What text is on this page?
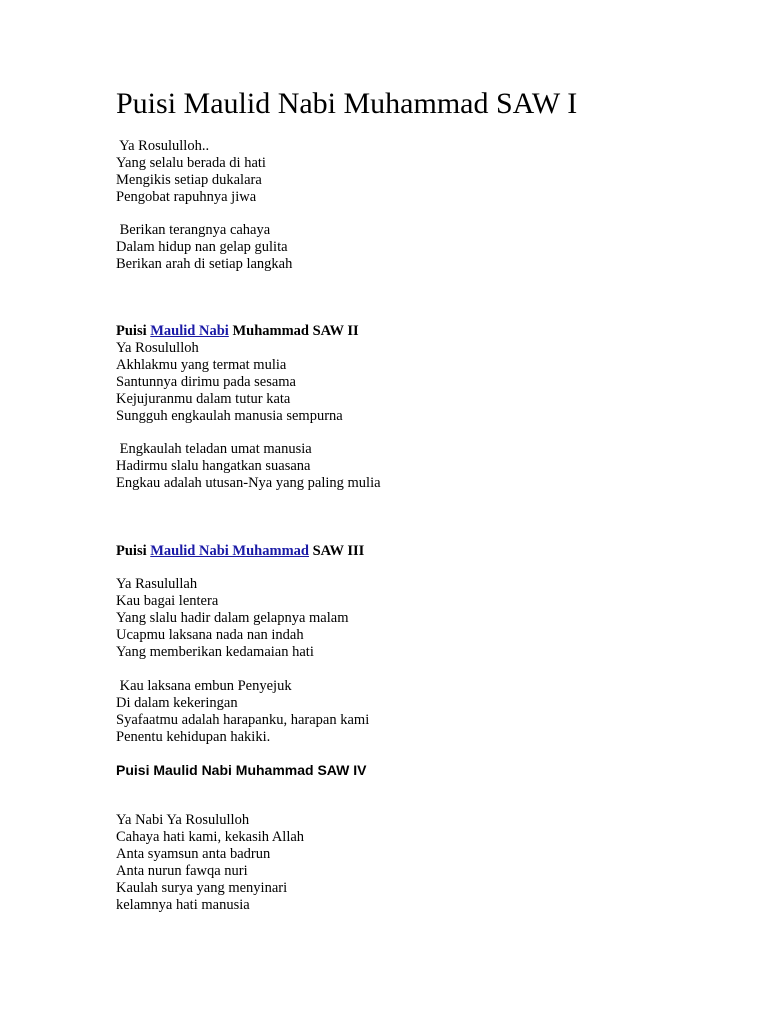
Puisi Maulid Nabi Muhammad SAW I
Ya Rosululloh..
Yang selalu berada di hati
Mengikis setiap dukalara
Pengobat rapuhnya jiwa
Berikan terangnya cahaya
Dalam hidup nan gelap gulita
Berikan arah di setiap langkah
Puisi Maulid Nabi Muhammad SAW II
Ya Rosululloh
Akhlakmu yang termat mulia
Santunnya dirimu pada sesama
Kejujuranmu dalam tutur kata
Sungguh engkaulah manusia sempurna
Engkaulah teladan umat manusia
Hadirmu slalu hangatkan suasana
Engkau adalah utusan-Nya yang paling mulia
Puisi Maulid Nabi Muhammad SAW III
Ya Rasulullah
Kau bagai lentera
Yang slalu hadir dalam gelapnya malam
Ucapmu laksana nada nan indah
Yang memberikan kedamaian hati
Kau laksana embun Penyejuk
Di dalam kekeringan
Syafaatmu adalah harapanku, harapan kami
Penentu kehidupan hakiki.
Puisi Maulid Nabi Muhammad SAW IV
Ya Nabi Ya Rosululloh
Cahaya hati kami, kekasih Allah
Anta syamsun anta badrun
Anta nurun fawqa nuri
Kaulah surya yang menyinari
kelamnya hati manusia
